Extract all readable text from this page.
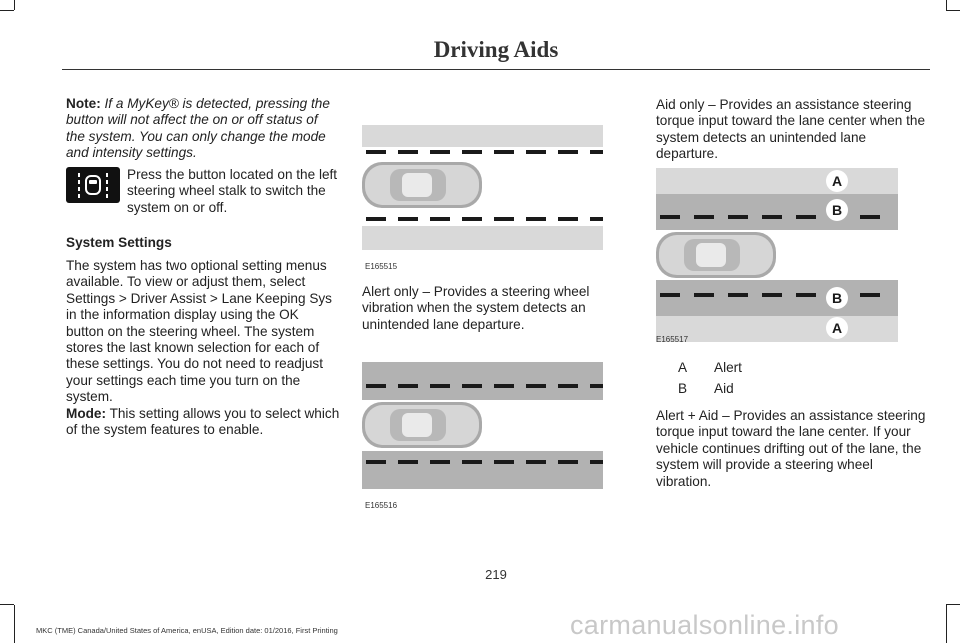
Driving Aids

Note: If a MyKey® is detected, pressing the button will not affect the on or off status of the system. You can only change the mode and intensity settings.

Press the button located on the left steering wheel stalk to switch the system on or off.

System Settings

The system has two optional setting menus available. To view or adjust them, select Settings > Driver Assist > Lane Keeping Sys in the information display using the OK button on the steering wheel. The system stores the last known selection for each of these settings. You do not need to readjust your settings each time you turn on the system.

Mode: This setting allows you to select which of the system features to enable.

E165515

Alert only – Provides a steering wheel vibration when the system detects an unintended lane departure.

E165516

Aid only – Provides an assistance steering torque input toward the lane center when the system detects an unintended lane departure.

A
B
B
A
E165517
A	Alert
B	Aid

Alert + Aid – Provides an assistance steering torque input toward the lane center. If your vehicle continues drifting out of the lane, the system will provide a steering wheel vibration.

219
MKC (TME) Canada/United States of America, enUSA, Edition date: 01/2016, First Printing	carmanualsonline.info
